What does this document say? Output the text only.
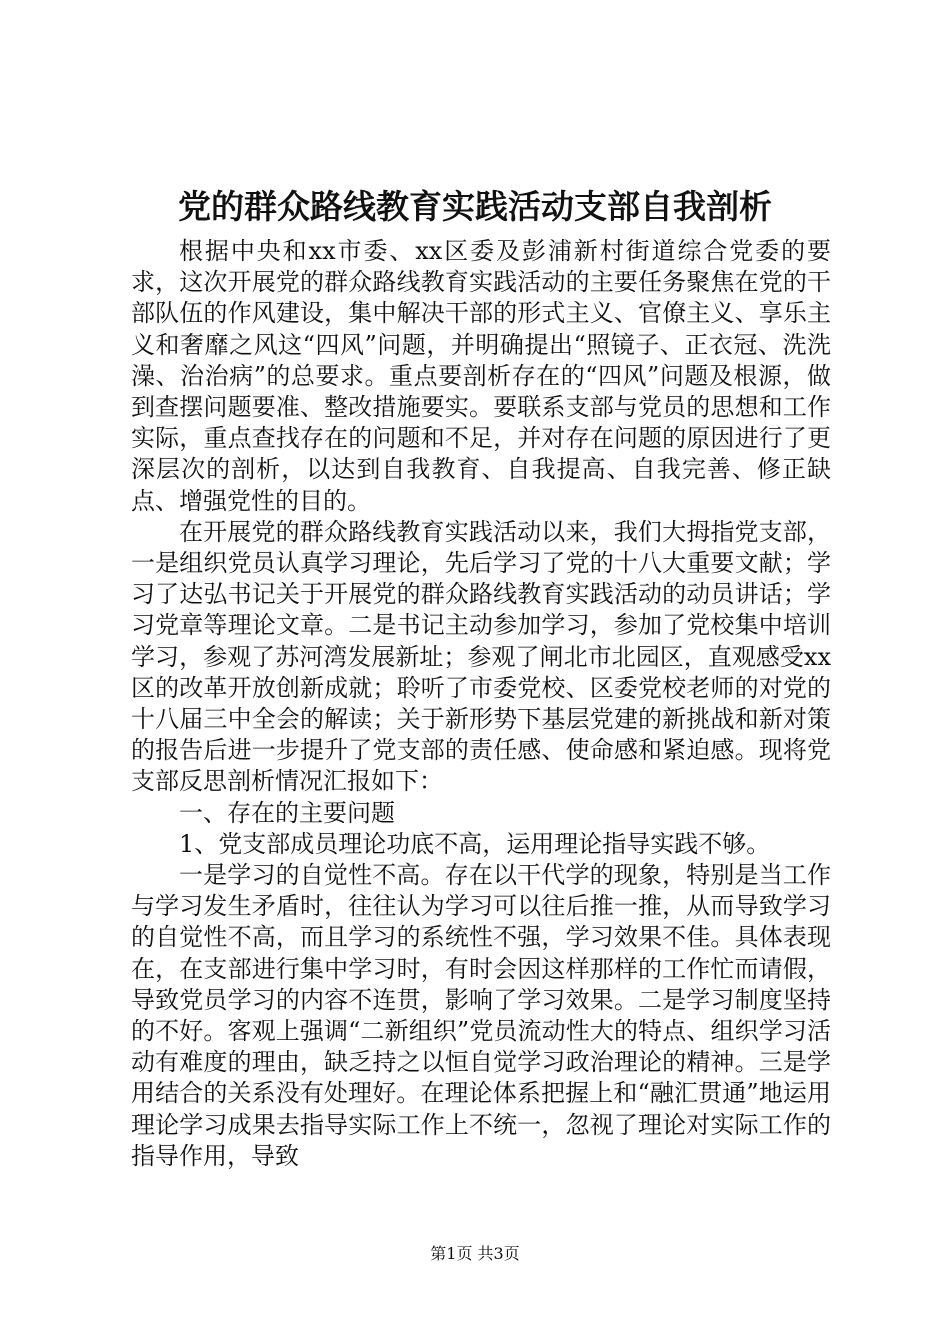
党的群众路线教育实践活动支部自我剖析

根据中央和xx市委、xx区委及彭浦新村街道综合党委的要求，这次开展党的群众路线教育实践活动的主要任务聚焦在党的干部队伍的作风建设，集中解决干部的形式主义、官僚主义、享乐主义和奢靡之风这“四风”问题，并明确提出“照镜子、正衣冠、洗洗澡、治治病”的总要求。重点要剖析存在的“四风”问题及根源，做到查摆问题要准、整改措施要实。要联系支部与党员的思想和工作实际，重点查找存在的问题和不足，并对存在问题的原因进行了更深层次的剖析，以达到自我教育、自我提高、自我完善、修正缺点、增强党性的目的。

在开展党的群众路线教育实践活动以来，我们大拇指党支部，一是组织党员认真学习理论，先后学习了党的十八大重要文献；学习了达弘书记关于开展党的群众路线教育实践活动的动员讲话；学习党章等理论文章。二是书记主动参加学习，参加了党校集中培训学习，参观了苏河湾发展新址；参观了闸北市北园区，直观感受xx区的改革开放创新成就；聆听了市委党校、区委党校老师的对党的十八届三中全会的解读；关于新形势下基层党建的新挑战和新对策的报告后进一步提升了党支部的责任感、使命感和紧迫感。现将党支部反思剖析情况汇报如下：

一、存在的主要问题

1、党支部成员理论功底不高，运用理论指导实践不够。

一是学习的自觉性不高。存在以干代学的现象，特别是当工作与学习发生矛盾时，往往认为学习可以往后推一推，从而导致学习的自觉性不高，而且学习的系统性不强，学习效果不佳。具体表现在，在支部进行集中学习时，有时会因这样那样的工作忙而请假，导致党员学习的内容不连贯，影响了学习效果。二是学习制度坚持的不好。客观上强调“二新组织”党员流动性大的特点、组织学习活动有难度的理由，缺乏持之以恒自觉学习政治理论的精神。三是学用结合的关系没有处理好。在理论体系把握上和“融汇贯通”地运用理论学习成果去指导实际工作上不统一，忽视了理论对实际工作的指导作用，导致

第1页 共3页
